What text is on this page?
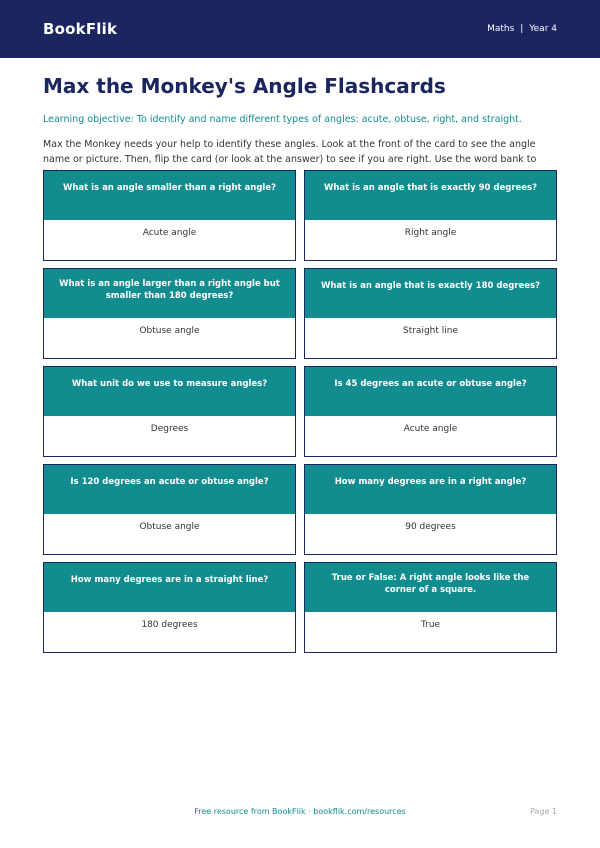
BookFlik	Maths | Year 4
Max the Monkey's Angle Flashcards
Learning objective: To identify and name different types of angles: acute, obtuse, right, and straight.
Max the Monkey needs your help to identify these angles. Look at the front of the card to see the angle name or picture. Then, flip the card (or look at the answer) to see if you are right. Use the word bank to
What is an angle smaller than a right angle?
Acute angle
What is an angle that is exactly 90 degrees?
Right angle
What is an angle larger than a right angle but smaller than 180 degrees?
Obtuse angle
What is an angle that is exactly 180 degrees?
Straight line
What unit do we use to measure angles?
Degrees
Is 45 degrees an acute or obtuse angle?
Acute angle
Is 120 degrees an acute or obtuse angle?
Obtuse angle
How many degrees are in a right angle?
90 degrees
How many degrees are in a straight line?
180 degrees
True or False: A right angle looks like the corner of a square.
True
Free resource from BookFlik · bookflik.com/resources	Page 1
